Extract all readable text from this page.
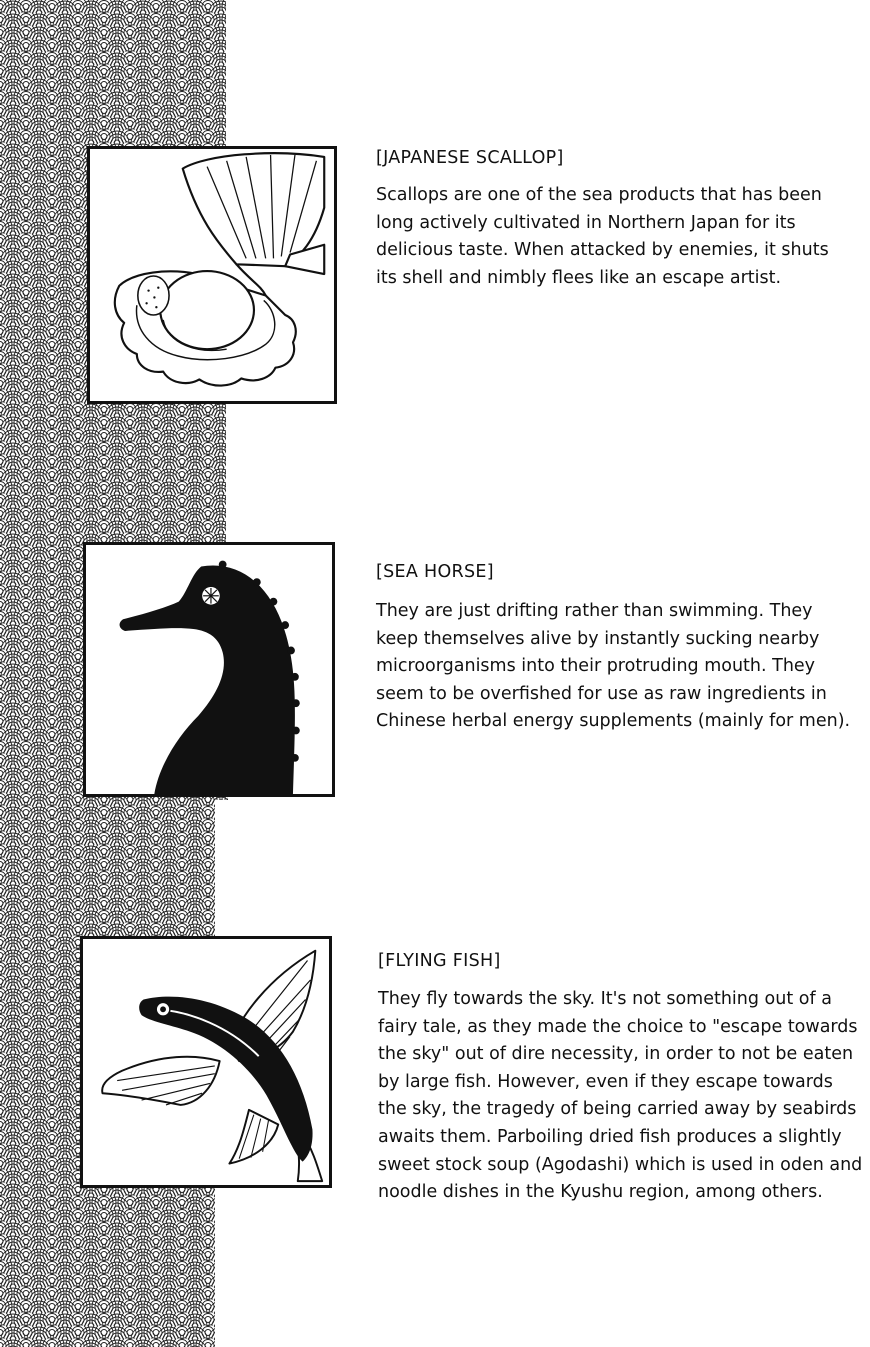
[JAPANESE SCALLOP]

Scallops are one of the sea products that has been
long actively cultivated in Northern Japan for its
delicious taste. When attacked by enemies, it shuts
its shell and nimbly flees like an escape artist.

[SEA HORSE]

They are just drifting rather than swimming. They
keep themselves alive by instantly sucking nearby
microorganisms into their protruding mouth. They
seem to be overfished for use as raw ingredients in
Chinese herbal energy supplements (mainly for men).

[FLYING FISH]

They fly towards the sky. It's not something out of a
fairy tale, as they made the choice to "escape towards
the sky" out of dire necessity, in order to not be eaten
by large fish. However, even if they escape towards
the sky, the tragedy of being carried away by seabirds
awaits them. Parboiling dried fish produces a slightly
sweet stock soup (Agodashi) which is used in oden and
noodle dishes in the Kyushu region, among others.
